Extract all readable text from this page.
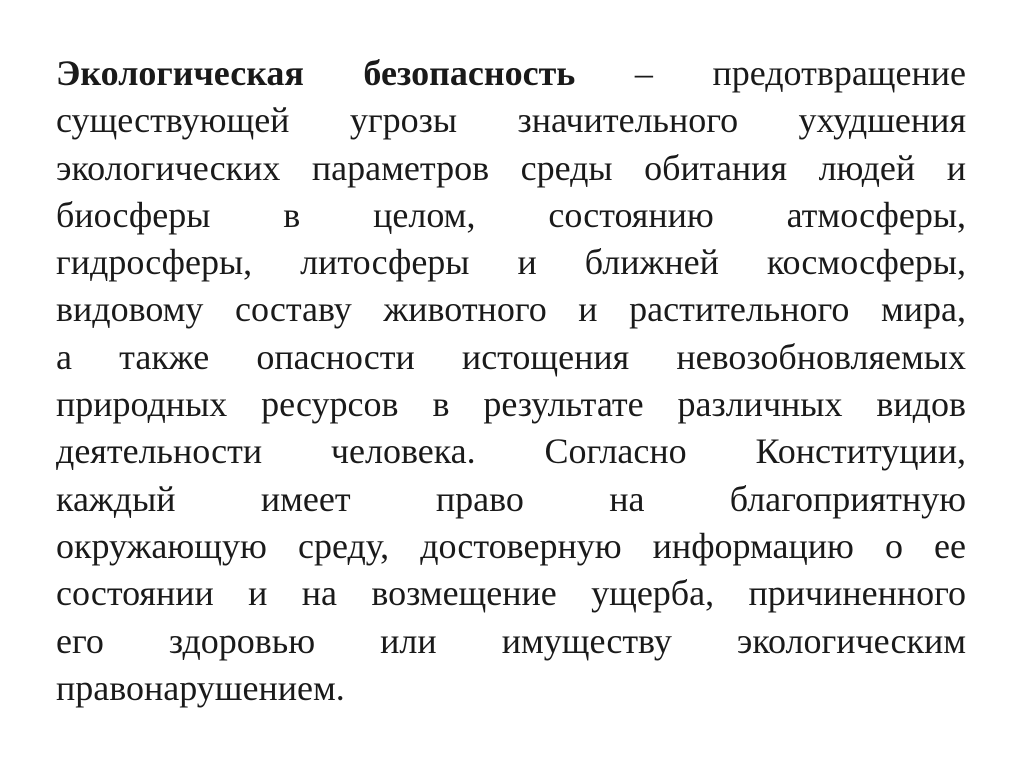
Экологическая безопасность – предотвращение
существующей угрозы значительного ухудшения
экологических параметров среды обитания людей и
биосферы в целом, состоянию атмосферы,
гидросферы, литосферы и ближней космосферы,
видовому составу животного и растительного мира,
а также опасности истощения невозобновляемых
природных ресурсов в результате различных видов
деятельности человека. Согласно Конституции,
каждый имеет право на благоприятную
окружающую среду, достоверную информацию о ее
состоянии и на возмещение ущерба, причиненного
его здоровью или имуществу экологическим
правонарушением.
